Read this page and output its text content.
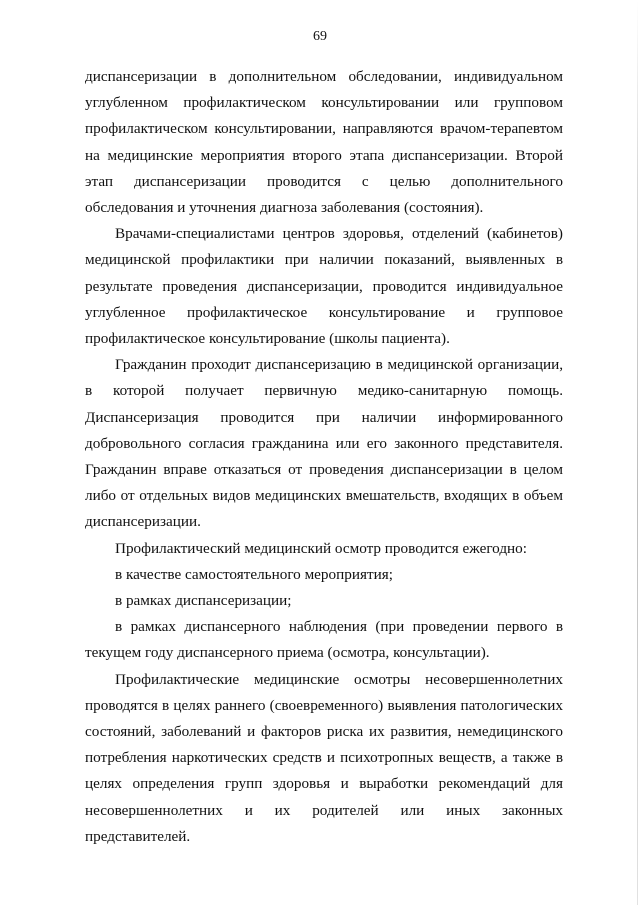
69

диспансеризации в дополнительном обследовании, индивидуальном углубленном профилактическом консультировании или групповом профилактическом консультировании, направляются врачом-терапевтом на медицинские мероприятия второго этапа диспансеризации. Второй этап диспансеризации проводится с целью дополнительного обследования и уточнения диагноза заболевания (состояния).

Врачами-специалистами центров здоровья, отделений (кабинетов) медицинской профилактики при наличии показаний, выявленных в результате проведения диспансеризации, проводится индивидуальное углубленное профилактическое консультирование и групповое профилактическое консультирование (школы пациента).

Гражданин проходит диспансеризацию в медицинской организации, в которой получает первичную медико-санитарную помощь. Диспансеризация проводится при наличии информированного добровольного согласия гражданина или его законного представителя. Гражданин вправе отказаться от проведения диспансеризации в целом либо от отдельных видов медицинских вмешательств, входящих в объем диспансеризации.

Профилактический медицинский осмотр проводится ежегодно:

в качестве самостоятельного мероприятия;

в рамках диспансеризации;

в рамках диспансерного наблюдения (при проведении первого в текущем году диспансерного приема (осмотра, консультации).

Профилактические медицинские осмотры несовершеннолетних проводятся в целях раннего (своевременного) выявления патологических состояний, заболеваний и факторов риска их развития, немедицинского потребления наркотических средств и психотропных веществ, а также в целях определения групп здоровья и выработки рекомендаций для несовершеннолетних и их родителей или иных законных представителей.
